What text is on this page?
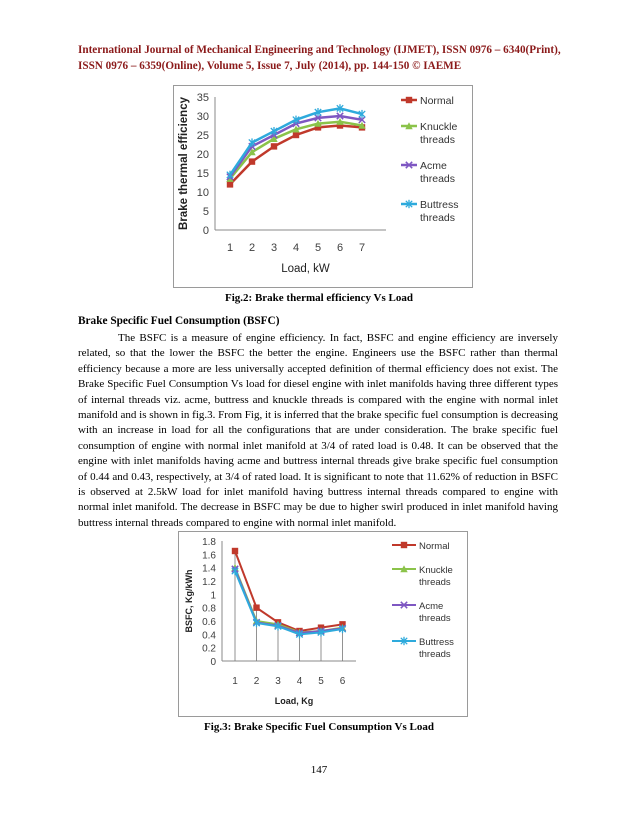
International Journal of Mechanical Engineering and Technology (IJMET), ISSN 0976 – 6340(Print),
ISSN 0976 – 6359(Online), Volume 5, Issue 7, July (2014), pp. 144-150 © IAEME
0
5
10
15
20
25
30
35
1 2 3 4 5 6 7
Load, kW
Brake thermal efficiency	Normal
Knuckle
threads
Acme
threads
Buttress
threads
Fig.2: Brake thermal efficiency Vs Load
Brake Specific Fuel Consumption (BSFC)
The BSFC is a measure of engine efficiency. In fact, BSFC and engine efficiency are inversely related, so that the lower the BSFC the better the engine. Engineers use the BSFC rather than thermal efficiency because a more are less universally accepted definition of thermal efficiency does not exist. The Brake Specific Fuel Consumption Vs load for diesel engine with inlet manifolds having three different types of internal threads viz. acme, buttress and knuckle threads is compared with the engine with normal inlet manifold and is shown in fig.3. From Fig, it is inferred that the brake specific fuel consumption is decreasing with an increase in load for all the configurations that are under consideration. The brake specific fuel consumption of engine with normal inlet manifold at 3/4 of rated load is 0.48. It can be observed that the engine with inlet manifolds having acme and buttress internal threads give brake specific fuel consumption of 0.44 and 0.43, respectively, at 3/4 of rated load. It is significant to note that 11.62% of reduction in BSFC is observed at 2.5kW load for inlet manifold having buttress internal threads compared to engine with normal inlet manifold. The decrease in BSFC may be due to higher swirl produced in inlet manifold having buttress internal threads compared to engine with normal inlet manifold.
0
0.2
0.4
0.6
0.8
1
1.2
1.4
1.6
1.8
1 2 3 4 5 6
Load, Kg
BSFC, Kg/kWh
Normal
Knuckle
threads
Acme
threads
Buttress
threads
Fig.3: Brake Specific Fuel Consumption Vs Load
147
